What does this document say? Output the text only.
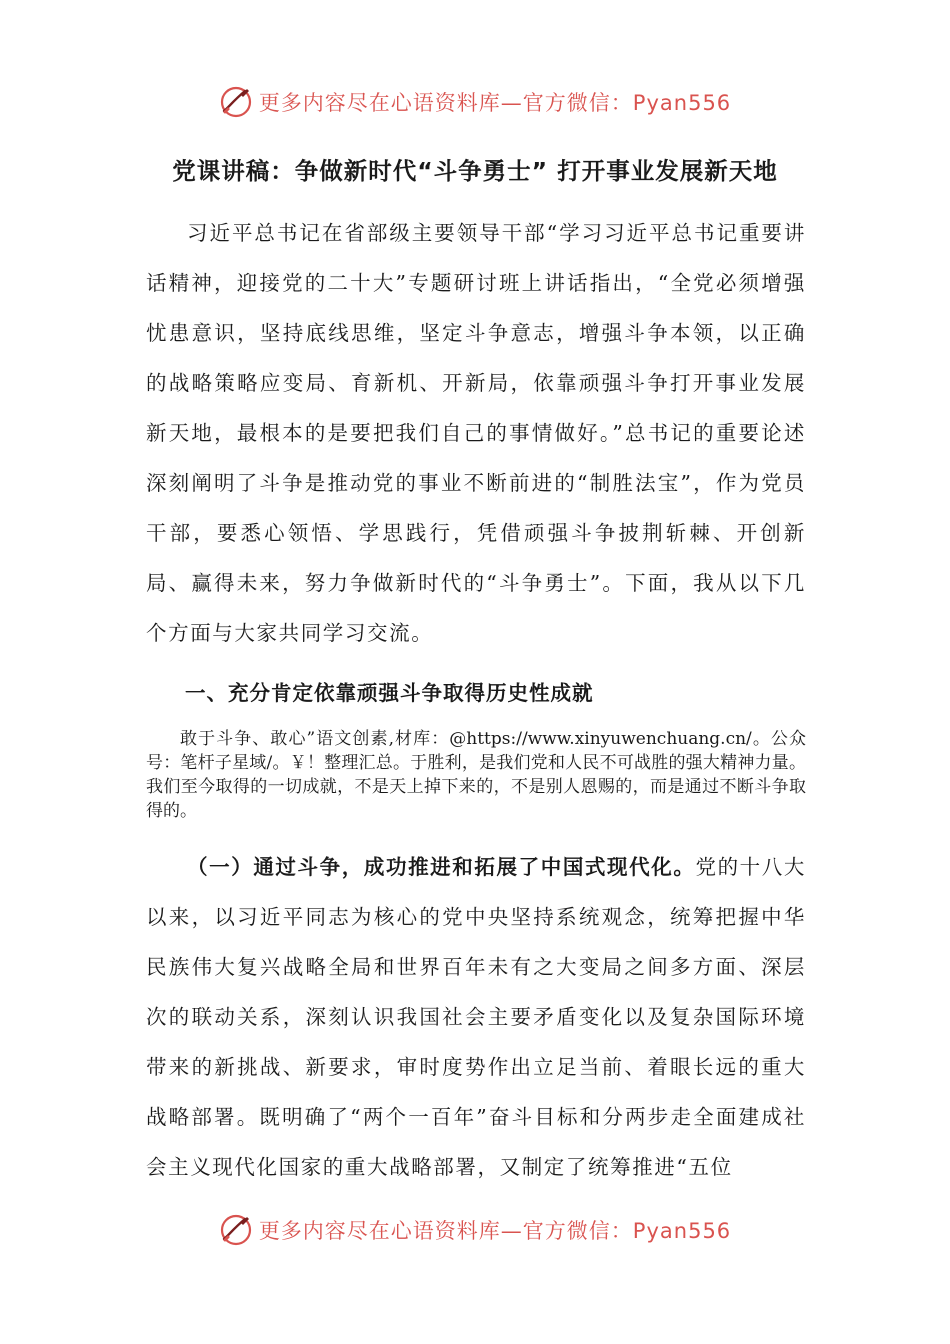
更多内容尽在心语资料库—官方微信：Pyan556
党课讲稿：争做新时代“斗争勇士” 打开事业发展新天地

习近平总书记在省部级主要领导干部“学习习近平总书记重要讲话精神，迎接党的二十大”专题研讨班上讲话指出，“全党必须增强忧患意识，坚持底线思维，坚定斗争意志，增强斗争本领，以正确的战略策略应变局、育新机、开新局，依靠顽强斗争打开事业发展新天地，最根本的是要把我们自己的事情做好。”总书记的重要论述深刻阐明了斗争是推动党的事业不断前进的“制胜法宝”，作为党员干部，要悉心领悟、学思践行，凭借顽强斗争披荆斩棘、开创新局、赢得未来，努力争做新时代的“斗争勇士”。下面，我从以下几个方面与大家共同学习交流。

一、充分肯定依靠顽强斗争取得历史性成就

敢于斗争、敢心”语文创素,材库：@https://www.xinyuwenchuang.cn/。公众号：笔杆子星域/。￥！整理汇总。于胜利，是我们党和人民不可战胜的强大精神力量。我们至今取得的一切成就，不是天上掉下来的，不是别人恩赐的，而是通过不断斗争取得的。

（一）通过斗争，成功推进和拓展了中国式现代化。党的十八大以来，以习近平同志为核心的党中央坚持系统观念，统筹把握中华民族伟大复兴战略全局和世界百年未有之大变局之间多方面、深层次的联动关系，深刻认识我国社会主要矛盾变化以及复杂国际环境带来的新挑战、新要求，审时度势作出立足当前、着眼长远的重大战略部署。既明确了“两个一百年”奋斗目标和分两步走全面建成社会主义现代化国家的重大战略部署，又制定了统筹推进“五位

更多内容尽在心语资料库—官方微信：Pyan556
